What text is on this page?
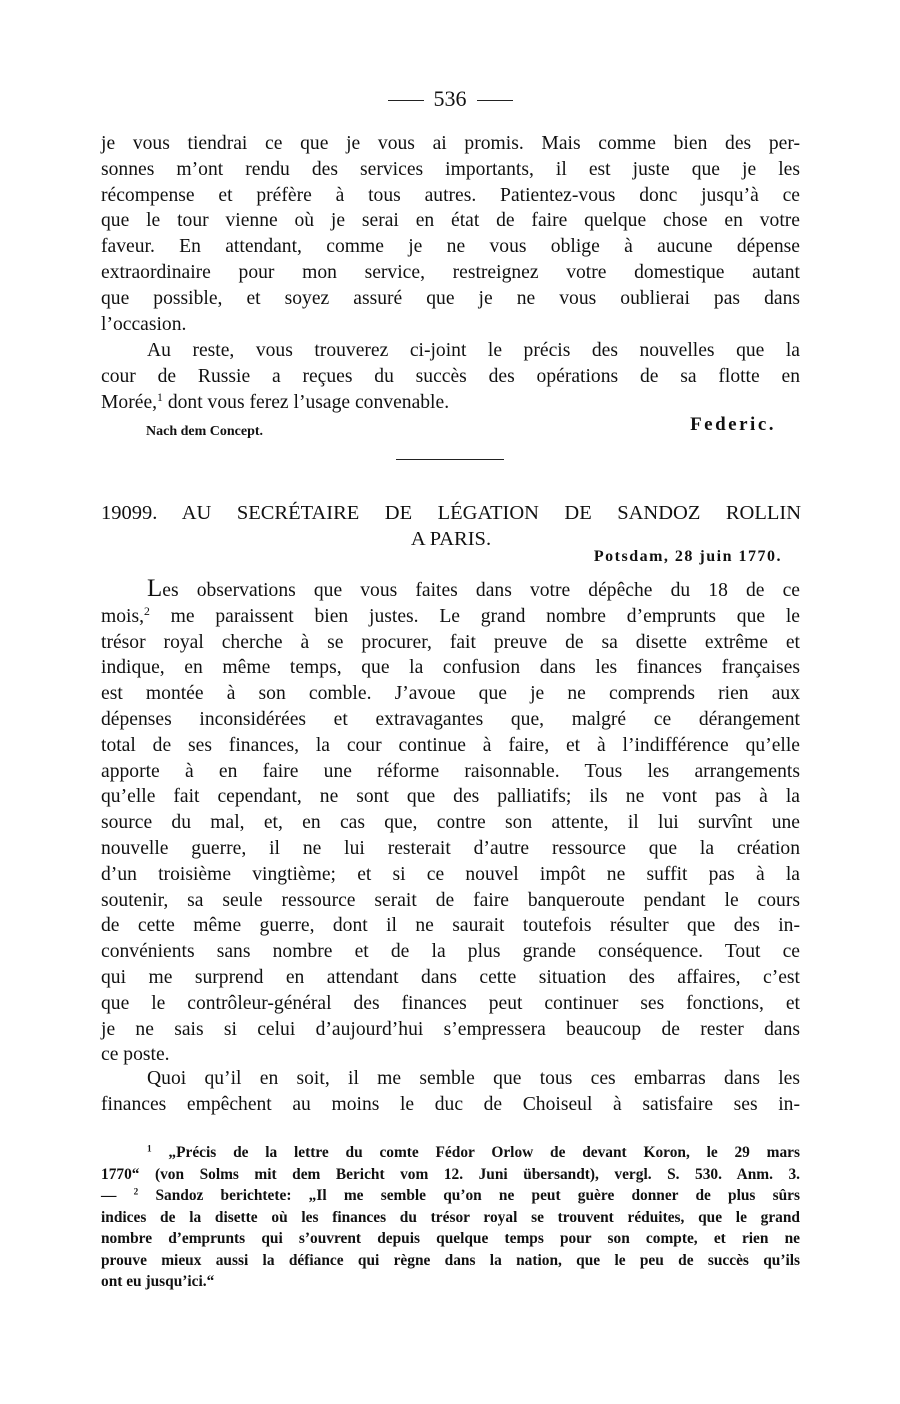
536

je vous tiendrai ce que je vous ai promis. Mais comme bien des per-
sonnes m’ont rendu des services importants, il est juste que je les
récompense et préfère à tous autres. Patientez-vous donc jusqu’à ce
que le tour vienne où je serai en état de faire quelque chose en votre
faveur. En attendant, comme je ne vous oblige à aucune dépense
extraordinaire pour mon service, restreignez votre domestique autant
que possible, et soyez assuré que je ne vous oublierai pas dans
l’occasion.

Au reste, vous trouverez ci-joint le précis des nouvelles que la
cour de Russie a reçues du succès des opérations de sa flotte en
Morée,$^1$ dont vous ferez l’usage convenable.

Nach dem Concept.	Federic.
19099. AU SECRÉTAIRE DE LÉGATION DE SANDOZ ROLLIN
A PARIS.
Potsdam, 28 juin 1770.

Les observations que vous faites dans votre dépêche du 18 de ce
mois,$^2$ me paraissent bien justes. Le grand nombre d’emprunts que le

trésor royal cherche à se procurer, fait preuve de sa disette extrême et
indique, en même temps, que la confusion dans les finances françaises
est montée à son comble. J’avoue que je ne comprends rien aux
dépenses inconsidérées et extravagantes que, malgré ce dérangement
total de ses finances, la cour continue à faire, et à l’indifférence qu’elle
apporte à en faire une réforme raisonnable. Tous les arrangements
qu’elle fait cependant, ne sont que des palliatifs; ils ne vont pas à la
source du mal, et, en cas que, contre son attente, il lui survînt une
nouvelle guerre, il ne lui resterait d’autre ressource que la création
d’un troisième vingtième; et si ce nouvel impôt ne suffit pas à la
soutenir, sa seule ressource serait de faire banqueroute pendant le cours
de cette même guerre, dont il ne saurait toutefois résulter que des in-
convénients sans nombre et de la plus grande conséquence. Tout ce
qui me surprend en attendant dans cette situation des affaires, c’est
que le contrôleur-général des finances peut continuer ses fonctions, et
je ne sais si celui d’aujourd’hui s’empressera beaucoup de rester dans
ce poste.

Quoi qu’il en soit, il me semble que tous ces embarras dans les
finances empêchent au moins le duc de Choiseul à satisfaire ses in-

$^1$ „Précis de la lettre du comte Fédor Orlow de devant Koron, le 29 mars
1770“ (von Solms mit dem Bericht vom 12. Juni übersandt), vergl. S. 530. Anm. 3.
— $^2$ Sandoz berichtete: „Il me semble qu’on ne peut guère donner de plus sûrs
indices de la disette où les finances du trésor royal se trouvent réduites, que le grand
nombre d’emprunts qui s’ouvrent depuis quelque temps pour son compte, et rien ne
prouve mieux aussi la défiance qui règne dans la nation, que le peu de succès qu’ils
ont eu jusqu’ici.“
